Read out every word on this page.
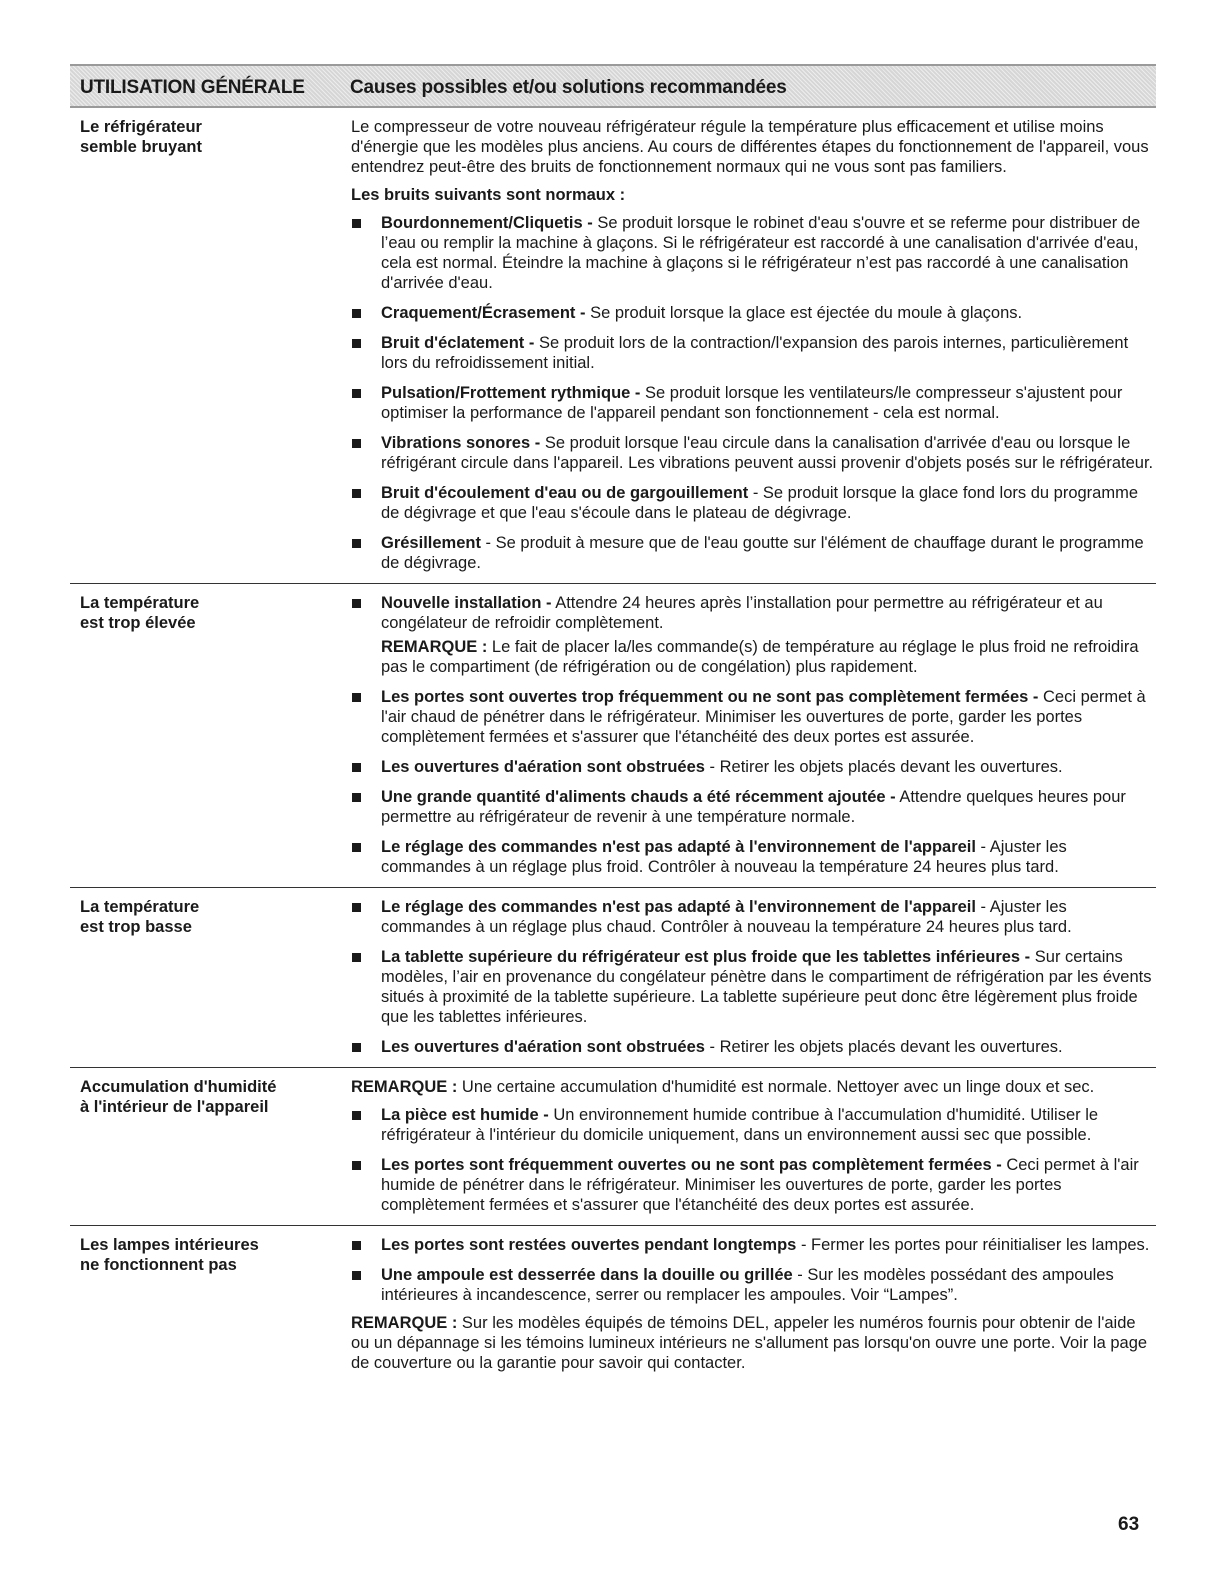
UTILISATION GÉNÉRALE Causes possibles et/ou solutions recommandées
Le réfrigérateur
semble bruyant

Le compresseur de votre nouveau réfrigérateur régule la température plus efficacement et utilise moins d'énergie que les modèles plus anciens. Au cours de différentes étapes du fonctionnement de l'appareil, vous entendrez peut-être des bruits de fonctionnement normaux qui ne vous sont pas familiers.

Les bruits suivants sont normaux :

Bourdonnement/Cliquetis - Se produit lorsque le robinet d'eau s'ouvre et se referme pour distribuer de l’eau ou remplir la machine à glaçons. Si le réfrigérateur est raccordé à une canalisation d'arrivée d'eau, cela est normal. Éteindre la machine à glaçons si le réfrigérateur n’est pas raccordé à une canalisation d'arrivée d'eau.
Craquement/Écrasement - Se produit lorsque la glace est éjectée du moule à glaçons.
Bruit d'éclatement - Se produit lors de la contraction/l'expansion des parois internes, particulièrement lors du refroidissement initial.
Pulsation/Frottement rythmique - Se produit lorsque les ventilateurs/le compresseur s'ajustent pour optimiser la performance de l'appareil pendant son fonctionnement - cela est normal.
Vibrations sonores - Se produit lorsque l'eau circule dans la canalisation d'arrivée d'eau ou lorsque le réfrigérant circule dans l'appareil. Les vibrations peuvent aussi provenir d'objets posés sur le réfrigérateur.
Bruit d'écoulement d'eau ou de gargouillement - Se produit lorsque la glace fond lors du programme de dégivrage et que l'eau s'écoule dans le plateau de dégivrage.
Grésillement - Se produit à mesure que de l'eau goutte sur l'élément de chauffage durant le programme de dégivrage.
La température
est trop élevée
Nouvelle installation - Attendre 24 heures après l’installation pour permettre au réfrigérateur et au congélateur de refroidir complètement.

REMARQUE : Le fait de placer la/les commande(s) de température au réglage le plus froid ne refroidira pas le compartiment (de réfrigération ou de congélation) plus rapidement.

Les portes sont ouvertes trop fréquemment ou ne sont pas complètement fermées - Ceci permet à l'air chaud de pénétrer dans le réfrigérateur. Minimiser les ouvertures de porte, garder les portes complètement fermées et s'assurer que l'étanchéité des deux portes est assurée.
Les ouvertures d'aération sont obstruées - Retirer les objets placés devant les ouvertures.
Une grande quantité d'aliments chauds a été récemment ajoutée - Attendre quelques heures pour permettre au réfrigérateur de revenir à une température normale.
Le réglage des commandes n'est pas adapté à l'environnement de l'appareil - Ajuster les commandes à un réglage plus froid. Contrôler à nouveau la température 24 heures plus tard.
La température
est trop basse
Le réglage des commandes n'est pas adapté à l'environnement de l'appareil - Ajuster les commandes à un réglage plus chaud. Contrôler à nouveau la température 24 heures plus tard.
La tablette supérieure du réfrigérateur est plus froide que les tablettes inférieures - Sur certains modèles, l’air en provenance du congélateur pénètre dans le compartiment de réfrigération par les évents situés à proximité de la tablette supérieure. La tablette supérieure peut donc être légèrement plus froide que les tablettes inférieures.
Les ouvertures d'aération sont obstruées - Retirer les objets placés devant les ouvertures.
Accumulation d'humidité
à l'intérieur de l'appareil

REMARQUE : Une certaine accumulation d'humidité est normale. Nettoyer avec un linge doux et sec.

La pièce est humide - Un environnement humide contribue à l'accumulation d'humidité. Utiliser le réfrigérateur à l'intérieur du domicile uniquement, dans un environnement aussi sec que possible.
Les portes sont fréquemment ouvertes ou ne sont pas complètement fermées - Ceci permet à l'air humide de pénétrer dans le réfrigérateur. Minimiser les ouvertures de porte, garder les portes complètement fermées et s'assurer que l'étanchéité des deux portes est assurée.
Les lampes intérieures
ne fonctionnent pas
Les portes sont restées ouvertes pendant longtemps - Fermer les portes pour réinitialiser les lampes.
Une ampoule est desserrée dans la douille ou grillée - Sur les modèles possédant des ampoules intérieures à incandescence, serrer ou remplacer les ampoules. Voir “Lampes”.

REMARQUE : Sur les modèles équipés de témoins DEL, appeler les numéros fournis pour obtenir de l'aide ou un dépannage si les témoins lumineux intérieurs ne s'allument pas lorsqu'on ouvre une porte. Voir la page de couverture ou la garantie pour savoir qui contacter.

63
